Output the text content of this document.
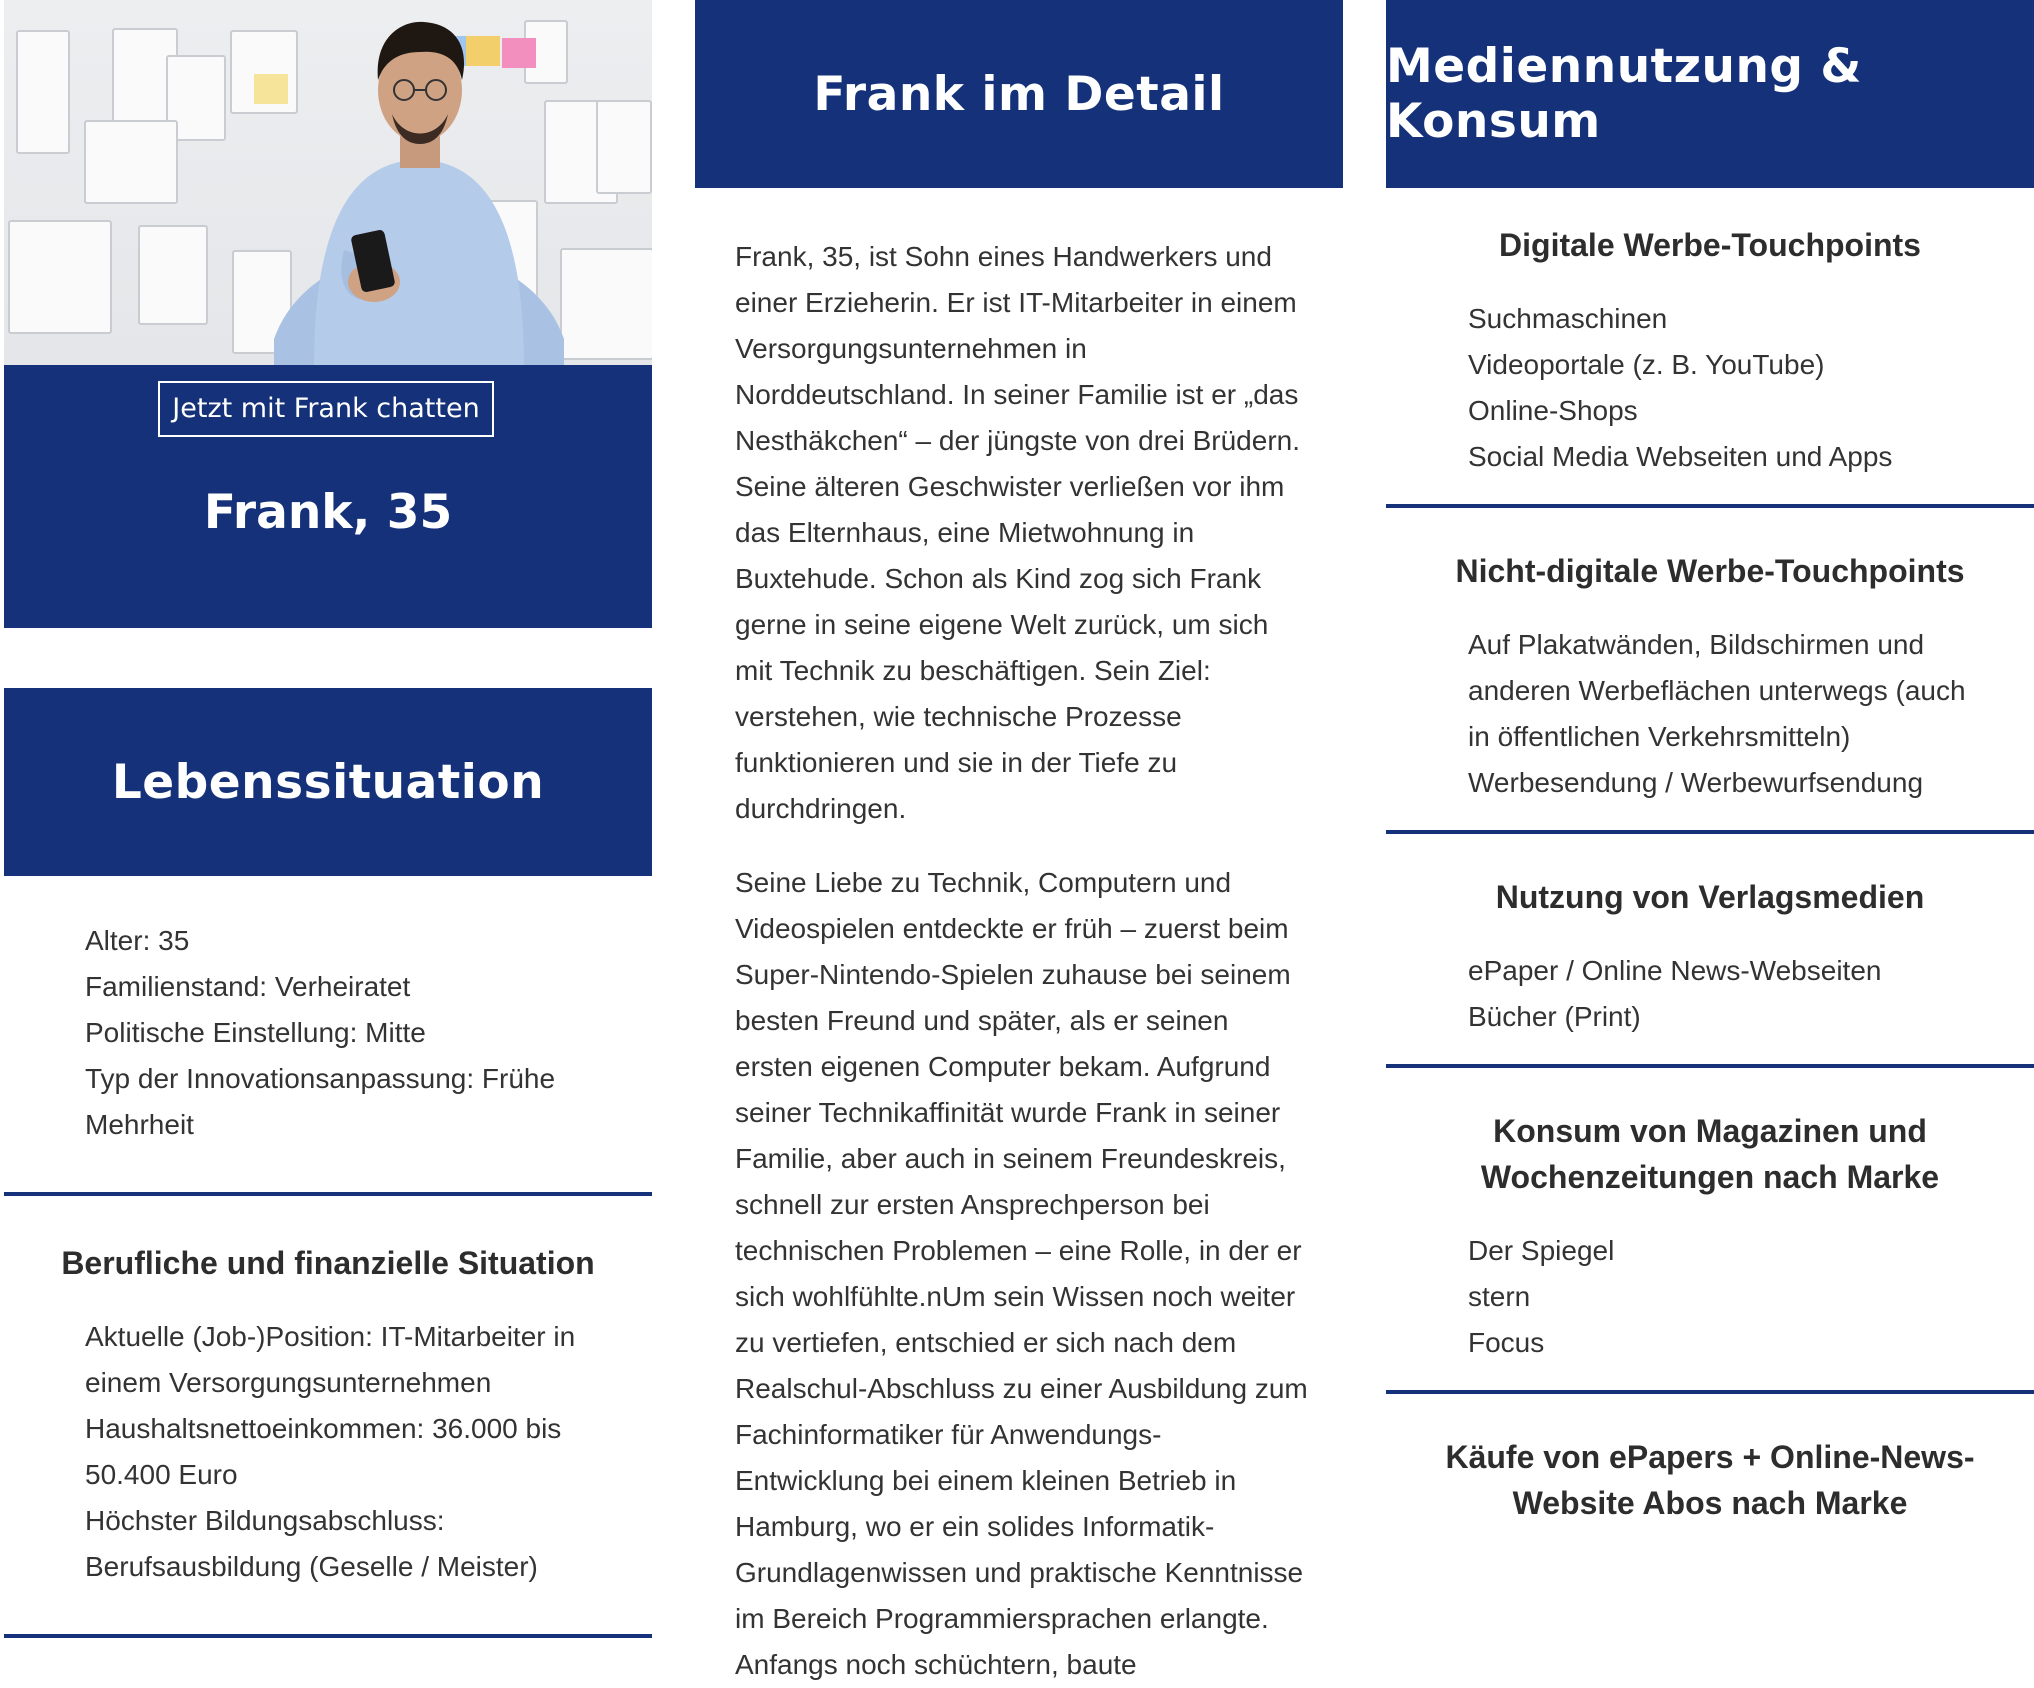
Jetzt mit Frank chatten
Frank, 35
Lebenssituation
Alter: 35
Familienstand: Verheiratet
Politische Einstellung: Mitte
Typ der Innovationsanpassung: Frühe Mehrheit
Berufliche und finanzielle Situation
Aktuelle (Job-)Position: IT-Mitarbeiter in einem Versorgungsunternehmen
Haushaltsnettoeinkommen: 36.000 bis 50.400 Euro
Höchster Bildungsabschluss: Berufsausbildung (Geselle / Meister)
Frank im Detail

Frank, 35, ist Sohn eines Handwerkers und einer Erzieherin. Er ist IT-Mitarbeiter in einem Versorgungsunternehmen in Norddeutschland. In seiner Familie ist er „das Nesthäkchen“ – der jüngste von drei Brüdern. Seine älteren Geschwister verließen vor ihm das Elternhaus, eine Mietwohnung in Buxtehude. Schon als Kind zog sich Frank gerne in seine eigene Welt zurück, um sich mit Technik zu beschäftigen. Sein Ziel: verstehen, wie technische Prozesse funktionieren und sie in der Tiefe zu durchdringen.

Seine Liebe zu Technik, Computern und Videospielen entdeckte er früh – zuerst beim Super-Nintendo-Spielen zuhause bei seinem besten Freund und später, als er seinen ersten eigenen Computer bekam. Aufgrund seiner Technikaffinität wurde Frank in seiner Familie, aber auch in seinem Freundeskreis, schnell zur ersten Ansprechperson bei technischen Problemen – eine Rolle, in der er sich wohlfühlte.nUm sein Wissen noch weiter zu vertiefen, entschied er sich nach dem Realschul-Abschluss zu einer Ausbildung zum Fachinformatiker für Anwendungs-Entwicklung bei einem kleinen Betrieb in Hamburg, wo er ein solides Informatik-Grundlagenwissen und praktische Kenntnisse im Bereich Programmiersprachen erlangte. Anfangs noch schüchtern, baute

Mediennutzung & Konsum
Digitale Werbe-Touchpoints
Suchmaschinen
Videoportale (z. B. YouTube)
Online-Shops
Social Media Webseiten und Apps
Nicht-digitale Werbe-Touchpoints
Auf Plakatwänden, Bildschirmen und anderen Werbeflächen unterwegs (auch in öffentlichen Verkehrsmitteln)
Werbesendung / Werbewurfsendung
Nutzung von Verlagsmedien
ePaper / Online News-Webseiten
Bücher (Print)
Konsum von Magazinen und Wochenzeitungen nach Marke
Der Spiegel
stern
Focus
Käufe von ePapers + Online-News-Website Abos nach Marke
